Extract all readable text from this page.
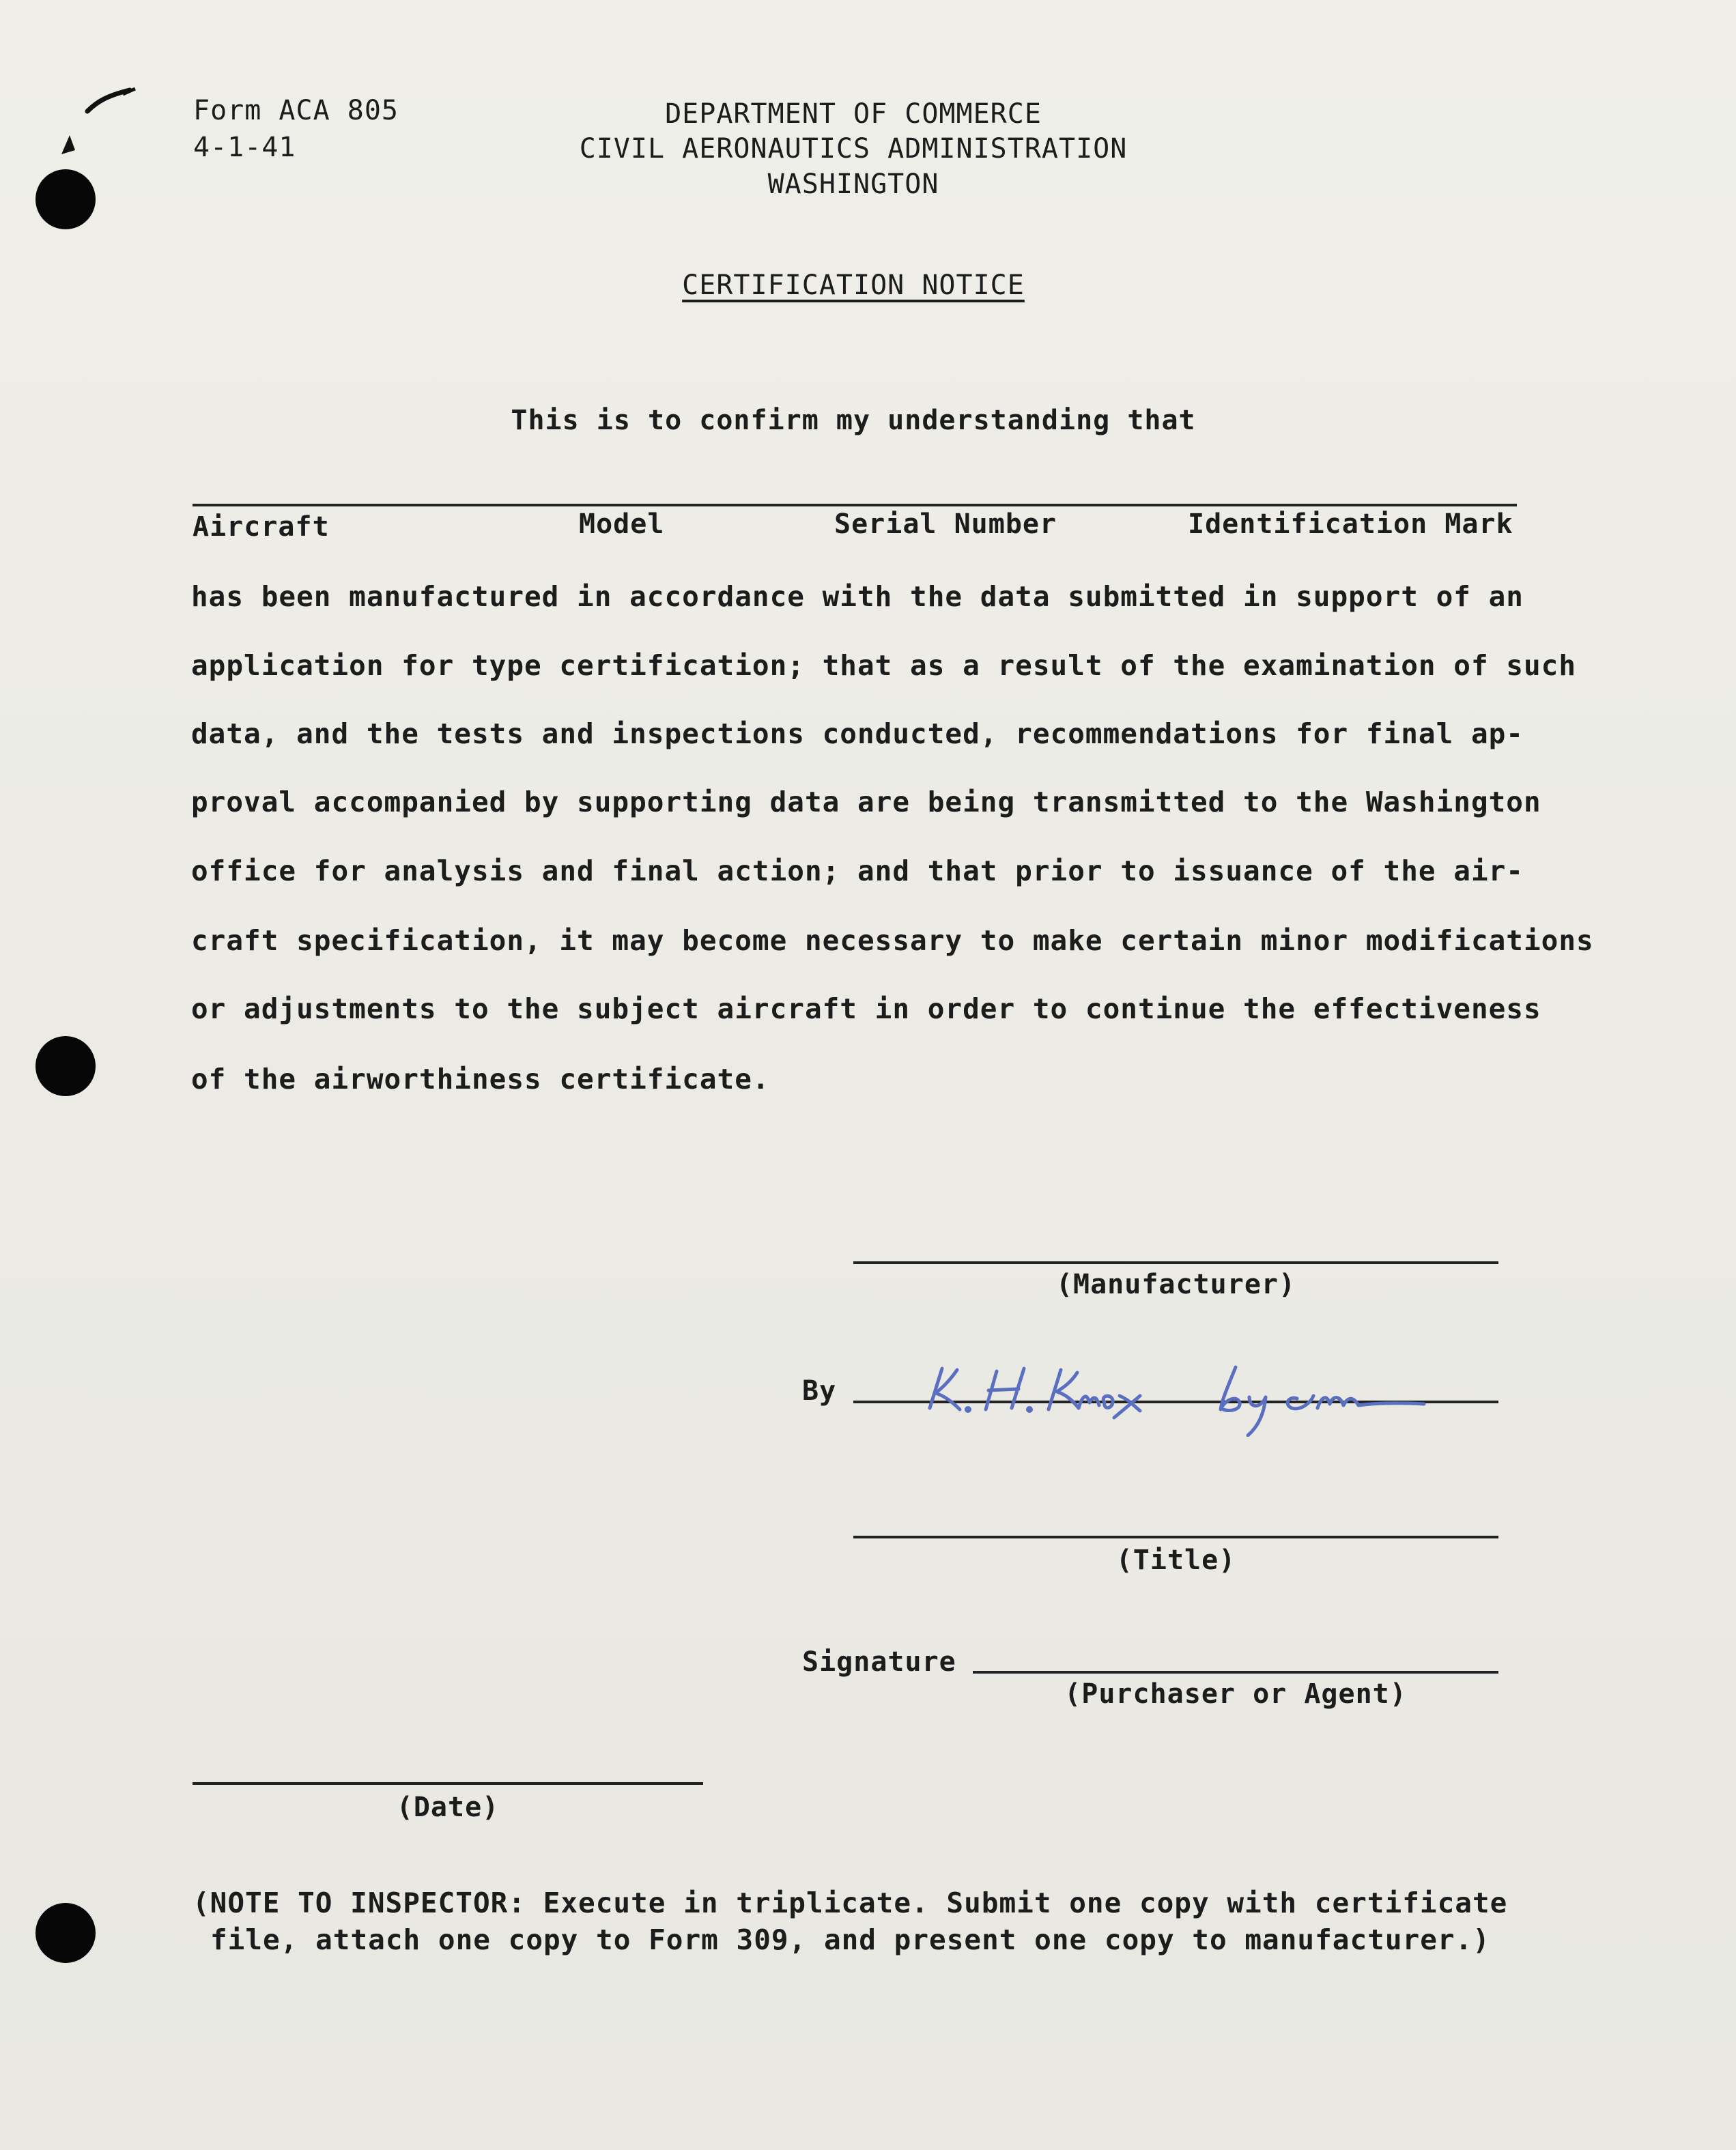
Form ACA 805
4-1-41
DEPARTMENT OF COMMERCE
CIVIL AERONAUTICS ADMINISTRATION
WASHINGTON
CERTIFICATION NOTICE
This is to confirm my understanding that
Aircraft	Model	Serial Number	Identification Mark
has been manufactured in accordance with the data submitted in support of an
application for type certification; that as a result of the examination of such
data, and the tests and inspections conducted, recommendations for final ap-
proval accompanied by supporting data are being transmitted to the Washington
office for analysis and final action; and that prior to issuance of the air-
craft specification, it may become necessary to make certain minor modifications
or adjustments to the subject aircraft in order to continue the effectiveness
of the airworthiness certificate.
(Manufacturer)
By
(Title)
Signature
(Purchaser or Agent)
(Date)
(NOTE TO INSPECTOR: Execute in triplicate. Submit one copy with certificate
file, attach one copy to Form 309, and present one copy to manufacturer.)
